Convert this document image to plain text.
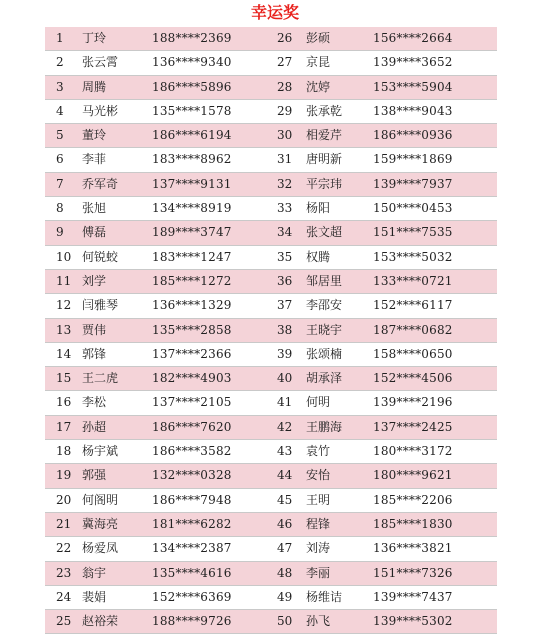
幸运奖
1 丁玲	188****2369	26 彭硕	156****2664
2 张云霄	136****9340	27 京昆	139****3652
3 周腾	186****5896	28 沈婷	153****5904
4 马光彬	135****1578	29 张承乾	138****9043
5 董玲	186****6194	30 相爱芹	186****0936
6 李菲	183****8962	31 唐明新	159****1869
7 乔军奇	137****9131	32 平宗玮	139****7937
8 张旭	134****8919	33 杨阳	150****0453
9 傅磊	189****3747	34 张文超	151****7535
10 何锐蛟	183****1247	35 权腾	153****5032
11 刘学	185****1272	36 邹居里	133****0721
12 闫雅琴	136****1329	37 李邵安	152****6117
13 贾伟	135****2858	38 王晓宇	187****0682
14 郭锋	137****2366	39 张颂楠	158****0650
15 王二虎	182****4903	40 胡承泽	152****4506
16 李松	137****2105	41 何明	139****2196
17 孙超	186****7620	42 王鹏海	137****2425
18 杨宇斌	186****3582	43 袁竹	180****3172
19 郭强	132****0328	44 安怡	180****9621
20 何阁明	186****7948	45 王明	185****2206
21 冀海亮	181****6282	46 程锋	185****1830
22 杨爱凤	134****2387	47 刘涛	136****3821
23 翁宇	135****4616	48 李丽	151****7326
24 裴娟	152****6369	49 杨维诘	139****7437
25 赵裕荣	188****9726	50 孙飞	139****5302
